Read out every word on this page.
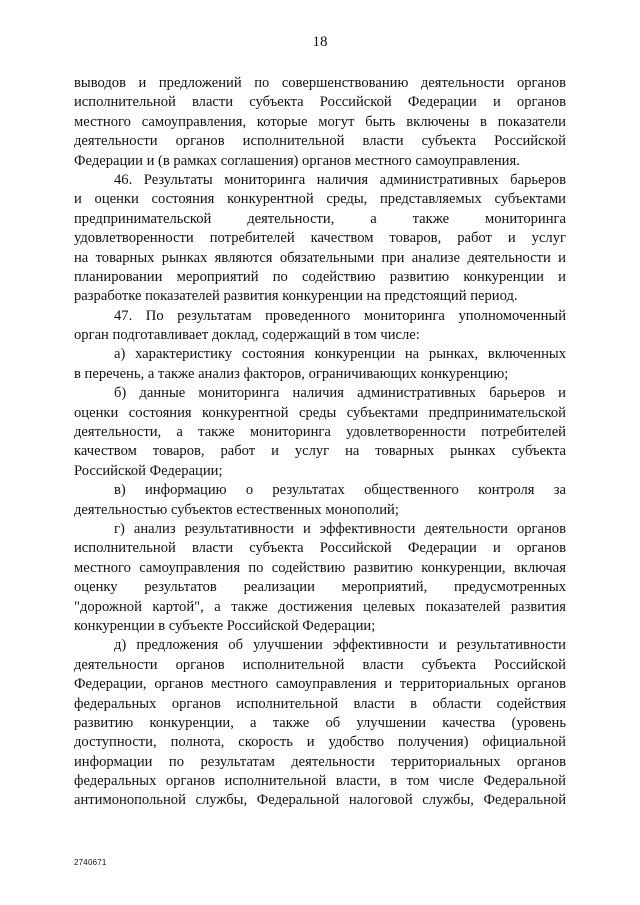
18
выводов и предложений по совершенствованию деятельности органов
исполнительной власти субъекта Российской Федерации и органов
местного самоуправления, которые могут быть включены в показатели
деятельности органов исполнительной власти субъекта Российской
Федерации и (в рамках соглашения) органов местного самоуправления.
46. Результаты мониторинга наличия административных барьеров
и оценки состояния конкурентной среды, представляемых субъектами
предпринимательской деятельности, а также мониторинга
удовлетворенности потребителей качеством товаров, работ и услуг
на товарных рынках являются обязательными при анализе деятельности и
планировании мероприятий по содействию развитию конкуренции и
разработке показателей развития конкуренции на предстоящий период.
47. По результатам проведенного мониторинга уполномоченный
орган подготавливает доклад, содержащий в том числе:
а) характеристику состояния конкуренции на рынках, включенных
в перечень, а также анализ факторов, ограничивающих конкуренцию;
б) данные мониторинга наличия административных барьеров и
оценки состояния конкурентной среды субъектами предпринимательской
деятельности, а также мониторинга удовлетворенности потребителей
качеством товаров, работ и услуг на товарных рынках субъекта
Российской Федерации;
в) информацию о результатах общественного контроля за
деятельностью субъектов естественных монополий;
г) анализ результативности и эффективности деятельности органов
исполнительной власти субъекта Российской Федерации и органов
местного самоуправления по содействию развитию конкуренции, включая
оценку результатов реализации мероприятий, предусмотренных
"дорожной картой", а также достижения целевых показателей развития
конкуренции в субъекте Российской Федерации;
д) предложения об улучшении эффективности и результативности
деятельности органов исполнительной власти субъекта Российской
Федерации, органов местного самоуправления и территориальных органов
федеральных органов исполнительной власти в области содействия
развитию конкуренции, а также об улучшении качества (уровень
доступности, полнота, скорость и удобство получения) официальной
информации по результатам деятельности территориальных органов
федеральных органов исполнительной власти, в том числе Федеральной
антимонопольной службы, Федеральной налоговой службы, Федеральной
2740671
